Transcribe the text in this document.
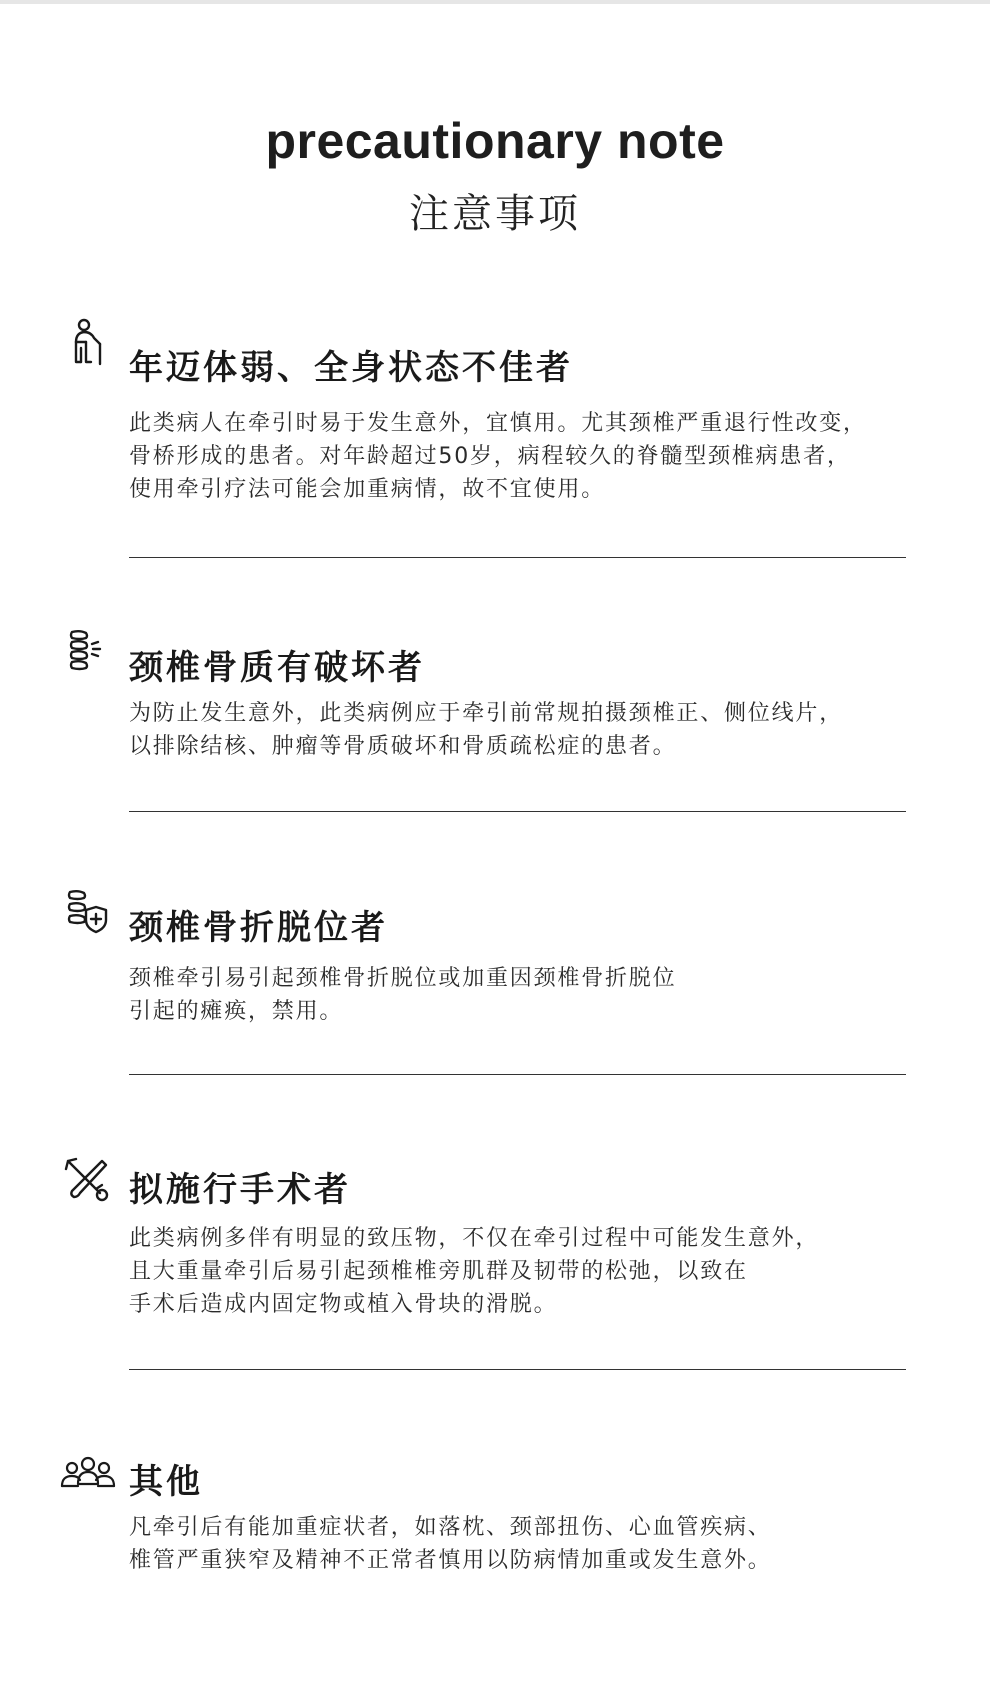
precautionary note
注意事项
年迈体弱、全身状态不佳者
此类病人在牵引时易于发生意外，宜慎用。尤其颈椎严重退行性改变，
骨桥形成的患者。对年龄超过50岁，病程较久的脊髓型颈椎病患者，
使用牵引疗法可能会加重病情，故不宜使用。
颈椎骨质有破坏者
为防止发生意外，此类病例应于牵引前常规拍摄颈椎正、侧位线片，
以排除结核、肿瘤等骨质破坏和骨质疏松症的患者。
颈椎骨折脱位者
颈椎牵引易引起颈椎骨折脱位或加重因颈椎骨折脱位
引起的瘫痪，禁用。
拟施行手术者
此类病例多伴有明显的致压物，不仅在牵引过程中可能发生意外，
且大重量牵引后易引起颈椎椎旁肌群及韧带的松弛，以致在
手术后造成内固定物或植入骨块的滑脱。
其他
凡牵引后有能加重症状者，如落枕、颈部扭伤、心血管疾病、
椎管严重狭窄及精神不正常者慎用以防病情加重或发生意外。
